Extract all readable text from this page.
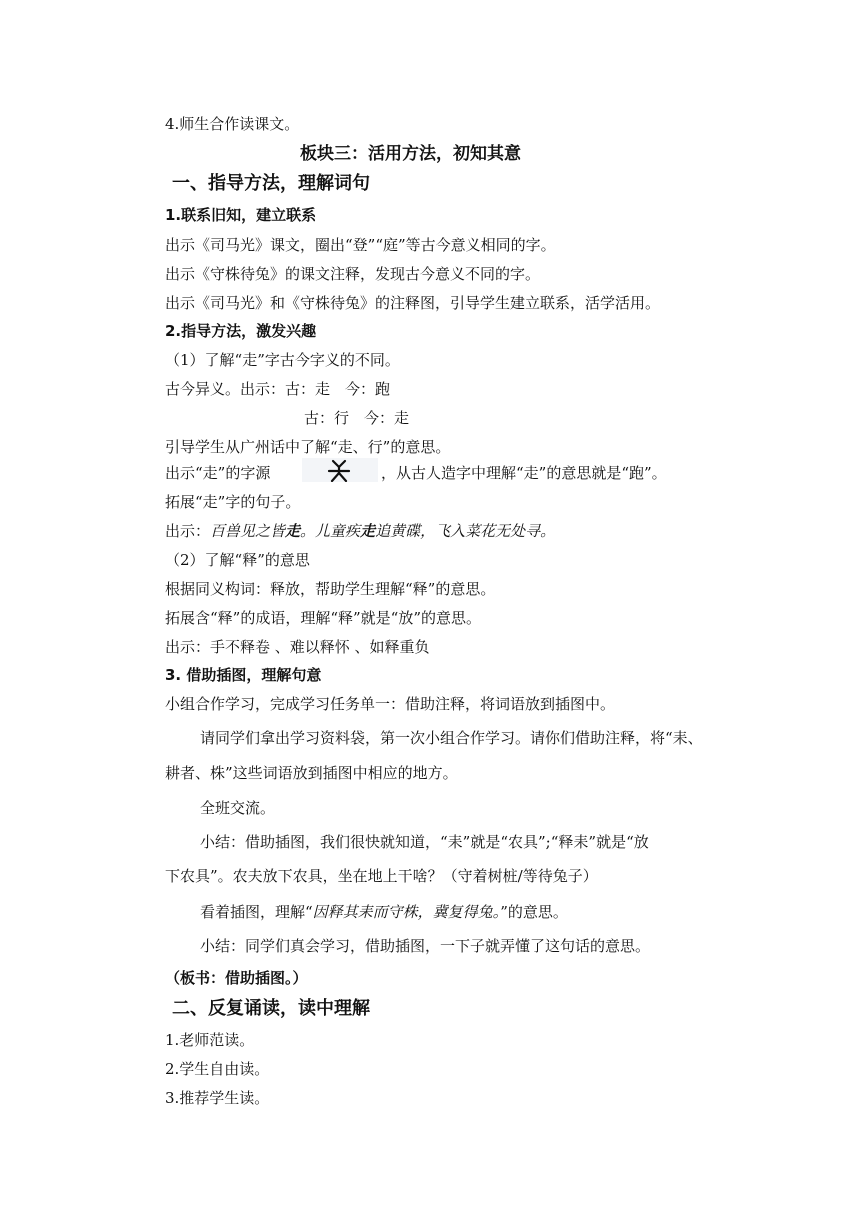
4.师生合作读课文。
板块三：活用方法，初知其意
一、指导方法，理解词句
1.联系旧知，建立联系
出示《司马光》课文，圈出“登”“庭”等古今意义相同的字。
出示《守株待兔》的课文注释，发现古今意义不同的字。
出示《司马光》和《守株待兔》的注释图，引导学生建立联系，活学活用。
2.指导方法，激发兴趣
（1）了解“走”字古今字义的不同。
古今异义。出示：古：走　今：跑
古：行　今：走
引导学生从广州话中了解“走、行”的意思。
出示“走”的字源	，从古人造字中理解“走”的意思就是“跑”。
拓展“走”字的句子。
出示：百兽见之皆走。儿童疾走追黄碟，飞入菜花无处寻。
（2）了解“释”的意思
根据同义构词：释放，帮助学生理解“释”的意思。
拓展含“释”的成语，理解“释”就是“放”的意思。
出示：手不释卷 、难以释怀 、如释重负
3. 借助插图，理解句意
小组合作学习，完成学习任务单一：借助注释，将词语放到插图中。
请同学们拿出学习资料袋，第一次小组合作学习。请你们借助注释，将“耒、
耕者、株”这些词语放到插图中相应的地方。
全班交流。
小结：借助插图，我们很快就知道，“耒”就是“农具”;“释耒”就是“放
下农具”。农夫放下农具，坐在地上干啥？（守着树桩/等待兔子）
看着插图，理解“因释其耒而守株，冀复得兔。”的意思。
小结：同学们真会学习，借助插图，一下子就弄懂了这句话的意思。
（板书：借助插图。）
二、反复诵读，读中理解
1.老师范读。
2.学生自由读。
3.推荐学生读。
